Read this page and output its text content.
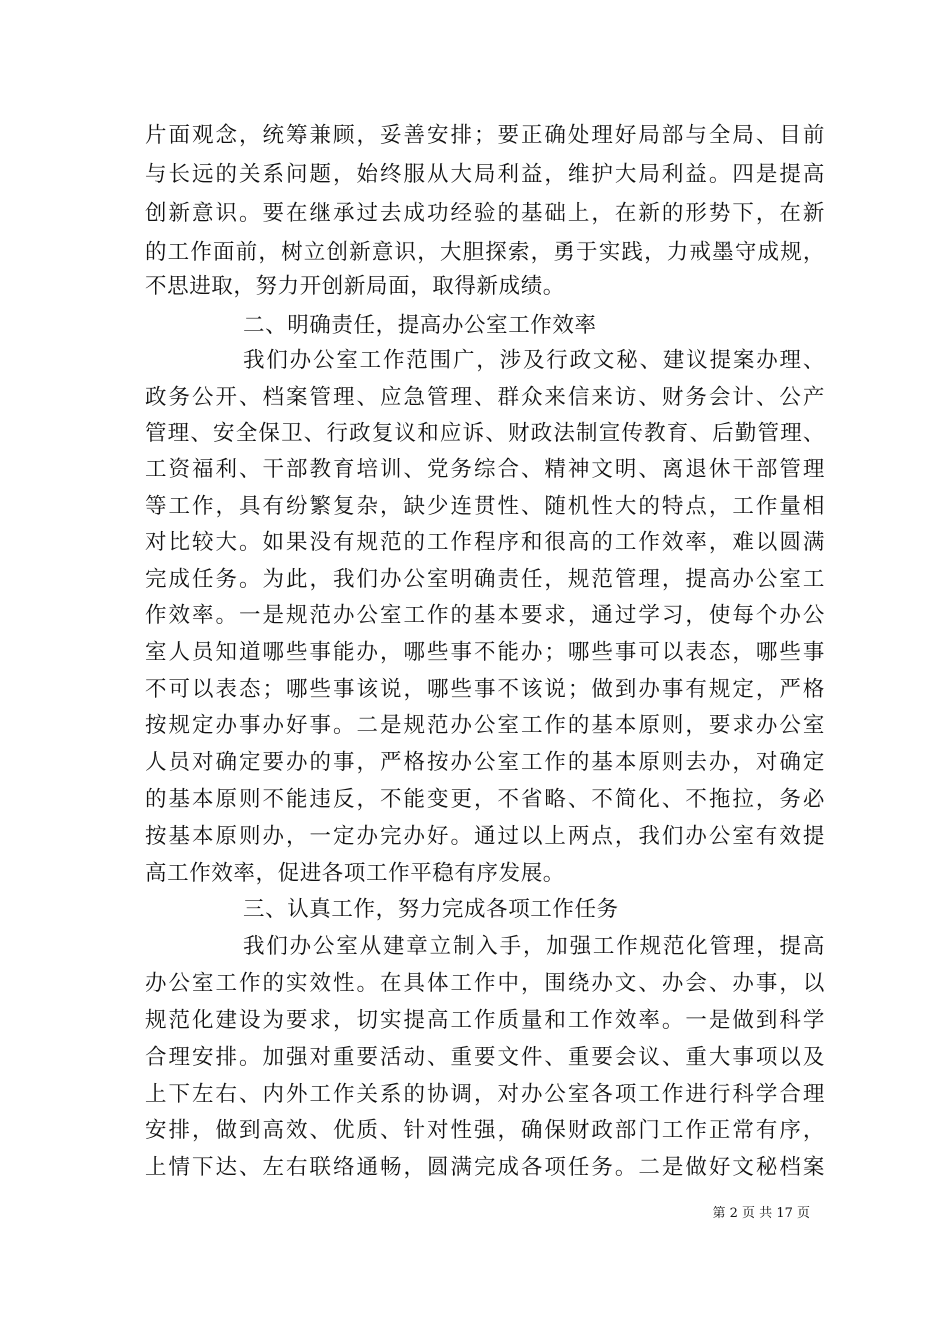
片面观念，统筹兼顾，妥善安排；要正确处理好局部与全局、目前
与长远的关系问题，始终服从大局利益，维护大局利益。四是提高
创新意识。要在继承过去成功经验的基础上，在新的形势下，在新
的工作面前，树立创新意识，大胆探索，勇于实践，力戒墨守成规，
不思进取，努力开创新局面，取得新成绩。
二、明确责任，提高办公室工作效率
我们办公室工作范围广，涉及行政文秘、建议提案办理、
政务公开、档案管理、应急管理、群众来信来访、财务会计、公产
管理、安全保卫、行政复议和应诉、财政法制宣传教育、后勤管理、
工资福利、干部教育培训、党务综合、精神文明、离退休干部管理
等工作，具有纷繁复杂，缺少连贯性、随机性大的特点，工作量相
对比较大。如果没有规范的工作程序和很高的工作效率，难以圆满
完成任务。为此，我们办公室明确责任，规范管理，提高办公室工
作效率。一是规范办公室工作的基本要求，通过学习，使每个办公
室人员知道哪些事能办，哪些事不能办；哪些事可以表态，哪些事
不可以表态；哪些事该说，哪些事不该说；做到办事有规定，严格
按规定办事办好事。二是规范办公室工作的基本原则，要求办公室
人员对确定要办的事，严格按办公室工作的基本原则去办，对确定
的基本原则不能违反，不能变更，不省略、不简化、不拖拉，务必
按基本原则办，一定办完办好。通过以上两点，我们办公室有效提
高工作效率，促进各项工作平稳有序发展。
三、认真工作，努力完成各项工作任务
我们办公室从建章立制入手，加强工作规范化管理，提高
办公室工作的实效性。在具体工作中，围绕办文、办会、办事，以
规范化建设为要求，切实提高工作质量和工作效率。一是做到科学
合理安排。加强对重要活动、重要文件、重要会议、重大事项以及
上下左右、内外工作关系的协调，对办公室各项工作进行科学合理
安排，做到高效、优质、针对性强，确保财政部门工作正常有序，
上情下达、左右联络通畅，圆满完成各项任务。二是做好文秘档案
第 2 页 共 17 页
